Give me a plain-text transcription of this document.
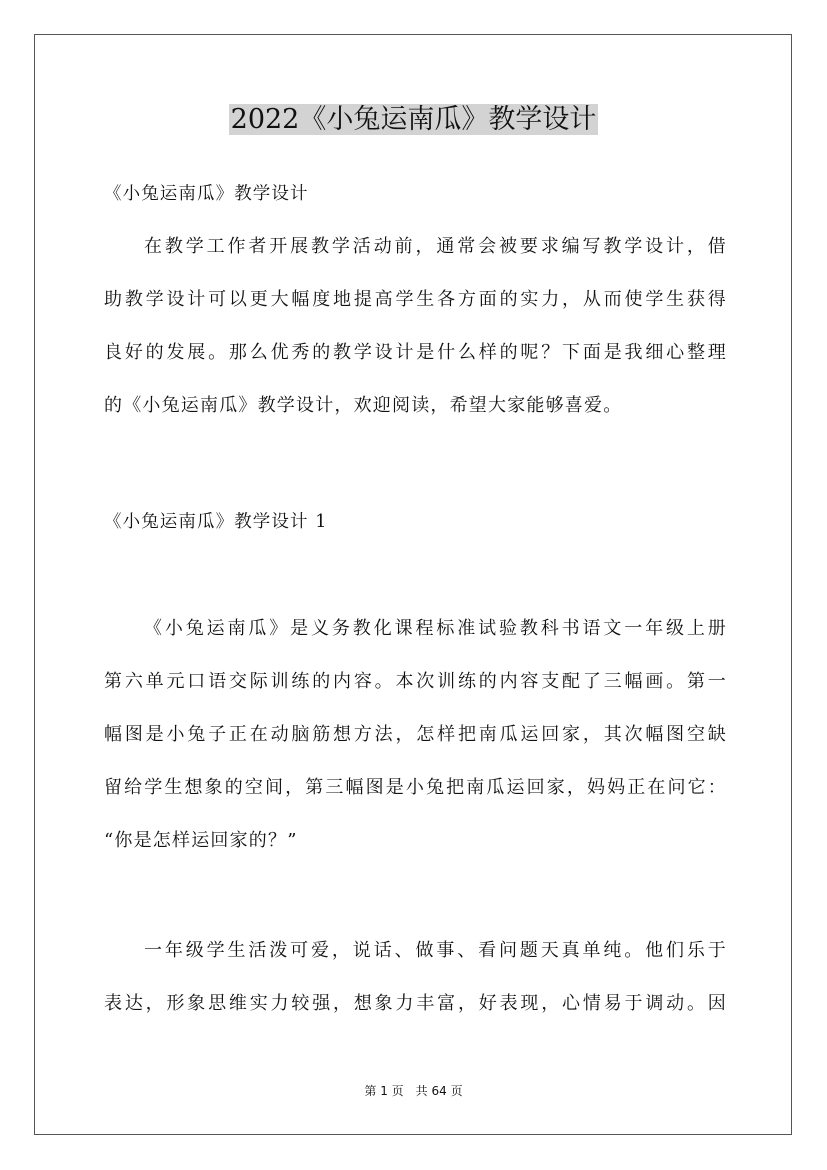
2022《小兔运南瓜》教学设计
《小兔运南瓜》教学设计
在教学工作者开展教学活动前，通常会被要求编写教学设计，借
助教学设计可以更大幅度地提高学生各方面的实力，从而使学生获得
良好的发展。那么优秀的教学设计是什么样的呢？下面是我细心整理
的《小兔运南瓜》教学设计，欢迎阅读，希望大家能够喜爱。
《小兔运南瓜》教学设计 1
《小兔运南瓜》是义务教化课程标准试验教科书语文一年级上册
第六单元口语交际训练的内容。本次训练的内容支配了三幅画。第一
幅图是小兔子正在动脑筋想方法，怎样把南瓜运回家，其次幅图空缺
留给学生想象的空间，第三幅图是小兔把南瓜运回家，妈妈正在问它：
“你是怎样运回家的？”
一年级学生活泼可爱，说话、做事、看问题天真单纯。他们乐于
表达，形象思维实力较强，想象力丰富，好表现，心情易于调动。因
第 1 页　共 64 页
